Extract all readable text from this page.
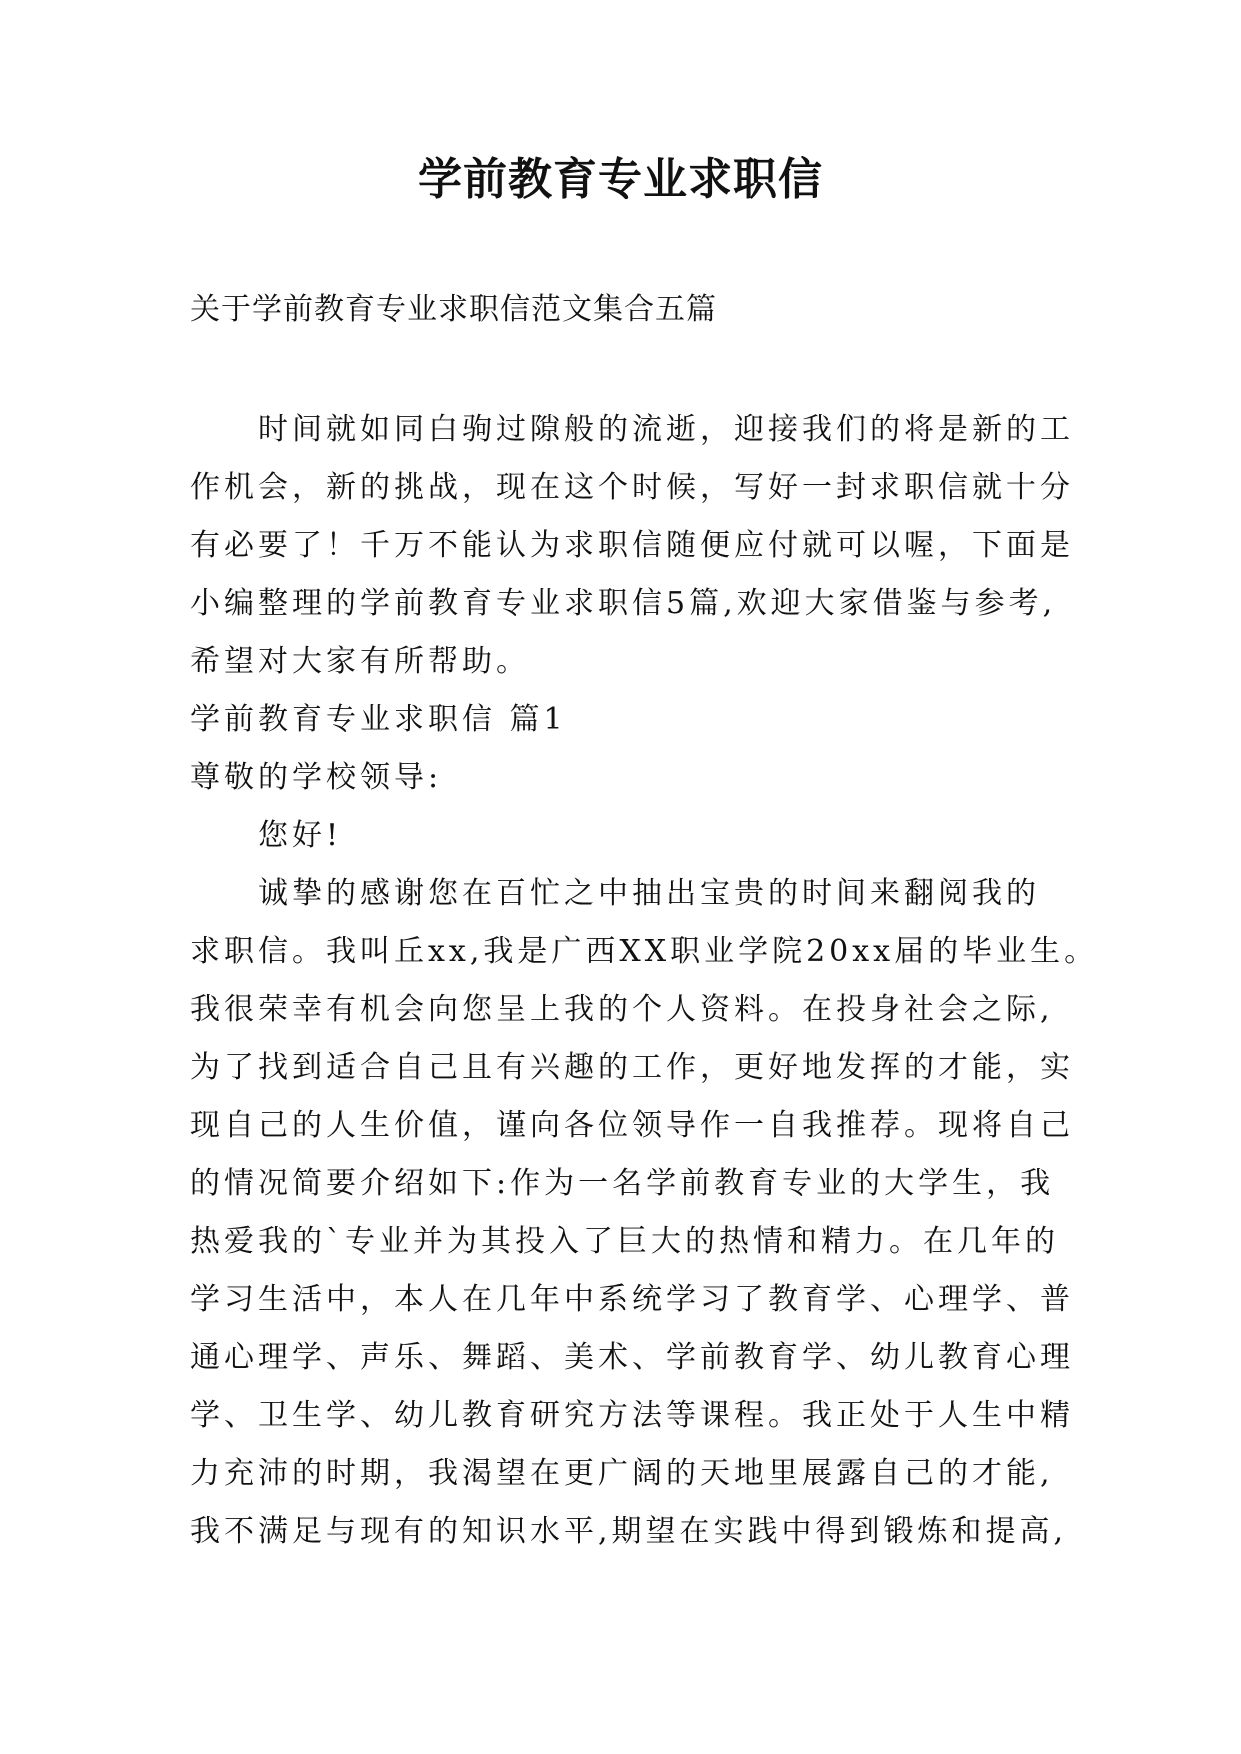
学前教育专业求职信
关于学前教育专业求职信范文集合五篇
　　时间就如同白驹过隙般的流逝，迎接我们的将是新的工
作机会，新的挑战，现在这个时候，写好一封求职信就十分
有必要了！千万不能认为求职信随便应付就可以喔，下面是
小编整理的学前教育专业求职信5篇,欢迎大家借鉴与参考,
希望对大家有所帮助。
学前教育专业求职信 篇1
尊敬的学校领导:
　　您好!
　　诚挚的感谢您在百忙之中抽出宝贵的时间来翻阅我的
求职信。我叫丘xx,我是广西XX职业学院20xx届的毕业生。
我很荣幸有机会向您呈上我的个人资料。在投身社会之际,
为了找到适合自己且有兴趣的工作，更好地发挥的才能，实
现自己的人生价值，谨向各位领导作一自我推荐。现将自己
的情况简要介绍如下:作为一名学前教育专业的大学生，我
热爱我的`专业并为其投入了巨大的热情和精力。在几年的
学习生活中，本人在几年中系统学习了教育学、心理学、普
通心理学、声乐、舞蹈、美术、学前教育学、幼儿教育心理
学、卫生学、幼儿教育研究方法等课程。我正处于人生中精
力充沛的时期，我渴望在更广阔的天地里展露自己的才能,
我不满足与现有的知识水平,期望在实践中得到锻炼和提高,
